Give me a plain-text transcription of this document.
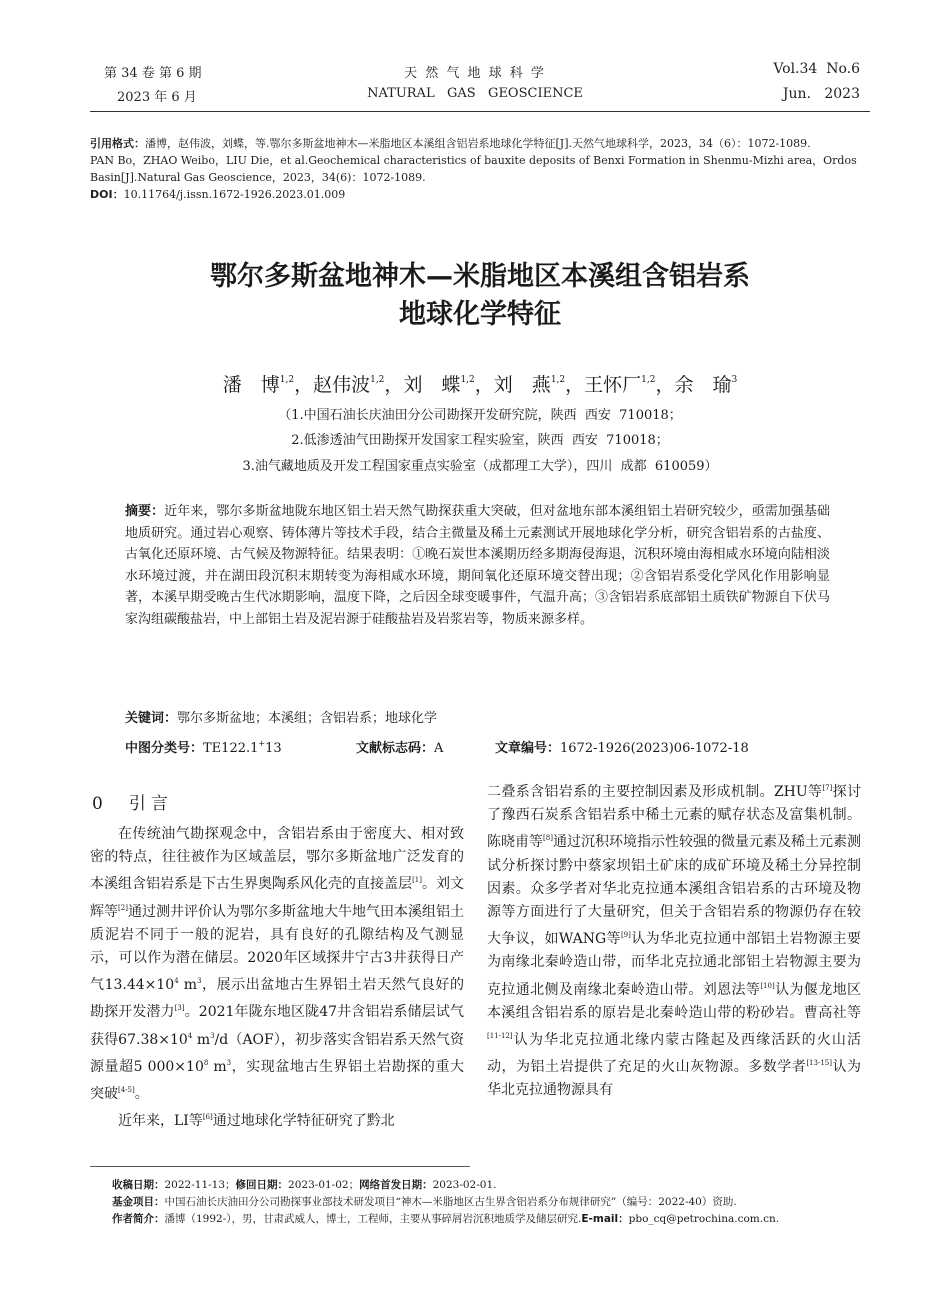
第 34 卷 第 6 期
2023 年 6 月
天 然 气 地 球 科 学
NATURAL   GAS   GEOSCIENCE
Vol.34  No.6
Jun.   2023
引用格式：潘博，赵伟波，刘蝶，等.鄂尔多斯盆地神木—米脂地区本溪组含铝岩系地球化学特征[J].天然气地球科学，2023，34（6）：1072-1089.
PAN Bo，ZHAO Weibo，LIU Die，et al.Geochemical characteristics of bauxite deposits of Benxi Formation in Shenmu-Mizhi area，Ordos Basin[J].Natural Gas Geoscience，2023，34(6)：1072-1089.
DOI：10.11764/j.issn.1672-1926.2023.01.009
鄂尔多斯盆地神木—米脂地区本溪组含铝岩系
地球化学特征
潘　博$^{1,2}$，赵伟波$^{1,2}$，刘　蝶$^{1,2}$，刘　燕$^{1,2}$，王怀厂$^{1,2}$，余　瑜$^3$
（1.中国石油长庆油田分公司勘探开发研究院，陕西  西安  710018；
2.低渗透油气田勘探开发国家工程实验室，陕西  西安  710018；
3.油气藏地质及开发工程国家重点实验室（成都理工大学），四川  成都  610059）
摘要：近年来，鄂尔多斯盆地陇东地区铝土岩天然气勘探获重大突破，但对盆地东部本溪组铝土岩研究较少，亟需加强基础地质研究。通过岩心观察、铸体薄片等技术手段，结合主微量及稀土元素测试开展地球化学分析，研究含铝岩系的古盐度、古氧化还原环境、古气候及物源特征。结果表明：①晚石炭世本溪期历经多期海侵海退，沉积环境由海相咸水环境向陆相淡水环境过渡，并在湖田段沉积末期转变为海相咸水环境，期间氧化还原环境交替出现；②含铝岩系受化学风化作用影响显著，本溪早期受晚古生代冰期影响，温度下降，之后因全球变暖事件，气温升高；③含铝岩系底部铝土质铁矿物源自下伏马家沟组碳酸盐岩，中上部铝土岩及泥岩源于硅酸盐岩及岩浆岩等，物质来源多样。
关键词：鄂尔多斯盆地；本溪组；含铝岩系；地球化学
中图分类号：TE122.1+13	文献标志码：A	文章编号：1672-1926(2023)06-1072-18
0 引言

在传统油气勘探观念中，含铝岩系由于密度大、相对致密的特点，往往被作为区域盖层，鄂尔多斯盆地广泛发育的本溪组含铝岩系是下古生界奥陶系风化壳的直接盖层[1]。刘文辉等[2]通过测井评价认为鄂尔多斯盆地大牛地气田本溪组铝土质泥岩不同于一般的泥岩，具有良好的孔隙结构及气测显示，可以作为潜在储层。2020年区域探井宁古3井获得日产气$13.44\times 10^4$ $m^3$，展示出盆地古生界铝土岩天然气良好的勘探开发潜力[3]。2021年陇东地区陇47井含铝岩系储层试气获得$67.38\times 10^4$ $m^3/d(AOF)$，初步落实含铝岩系天然气资源量超5 $000\times 10^8$ $m^3$，实现盆地古生界铝土岩勘探的重大突破[4-5]。

近年来，LI等[6]通过地球化学特征研究了黔北

二叠系含铝岩系的主要控制因素及形成机制。ZHU等[7]探讨了豫西石炭系含铝岩系中稀土元素的赋存状态及富集机制。陈晓甫等[8]通过沉积环境指示性较强的微量元素及稀土元素测试分析探讨黔中蔡家坝铝土矿床的成矿环境及稀土分异控制因素。众多学者对华北克拉通本溪组含铝岩系的古环境及物源等方面进行了大量研究，但关于含铝岩系的物源仍存在较大争议，如WANG等[9]认为华北克拉通中部铝土岩物源主要为南缘北秦岭造山带，而华北克拉通北部铝土岩物源主要为克拉通北侧及南缘北秦岭造山带。刘恩法等[10]认为偃龙地区本溪组含铝岩系的原岩是北秦岭造山带的粉砂岩。曹高社等[11-12]认为华北克拉通北缘内蒙古隆起及西缘活跃的火山活动，为铝土岩提供了充足的火山灰物源。多数学者[13-15]认为华北克拉通物源具有

收稿日期：2022-11-13；修回日期：2023-01-02；网络首发日期：2023-02-01.
基金项目：中国石油长庆油田分公司勘探事业部技术研发项目“神木—米脂地区古生界含铝岩系分布规律研究”（编号：2022-40）资助.
作者简介：潘博（1992-），男，甘肃武威人，博士，工程师，主要从事碎屑岩沉积地质学及储层研究.E-mail：pbo_cq@petrochina.com.cn.
